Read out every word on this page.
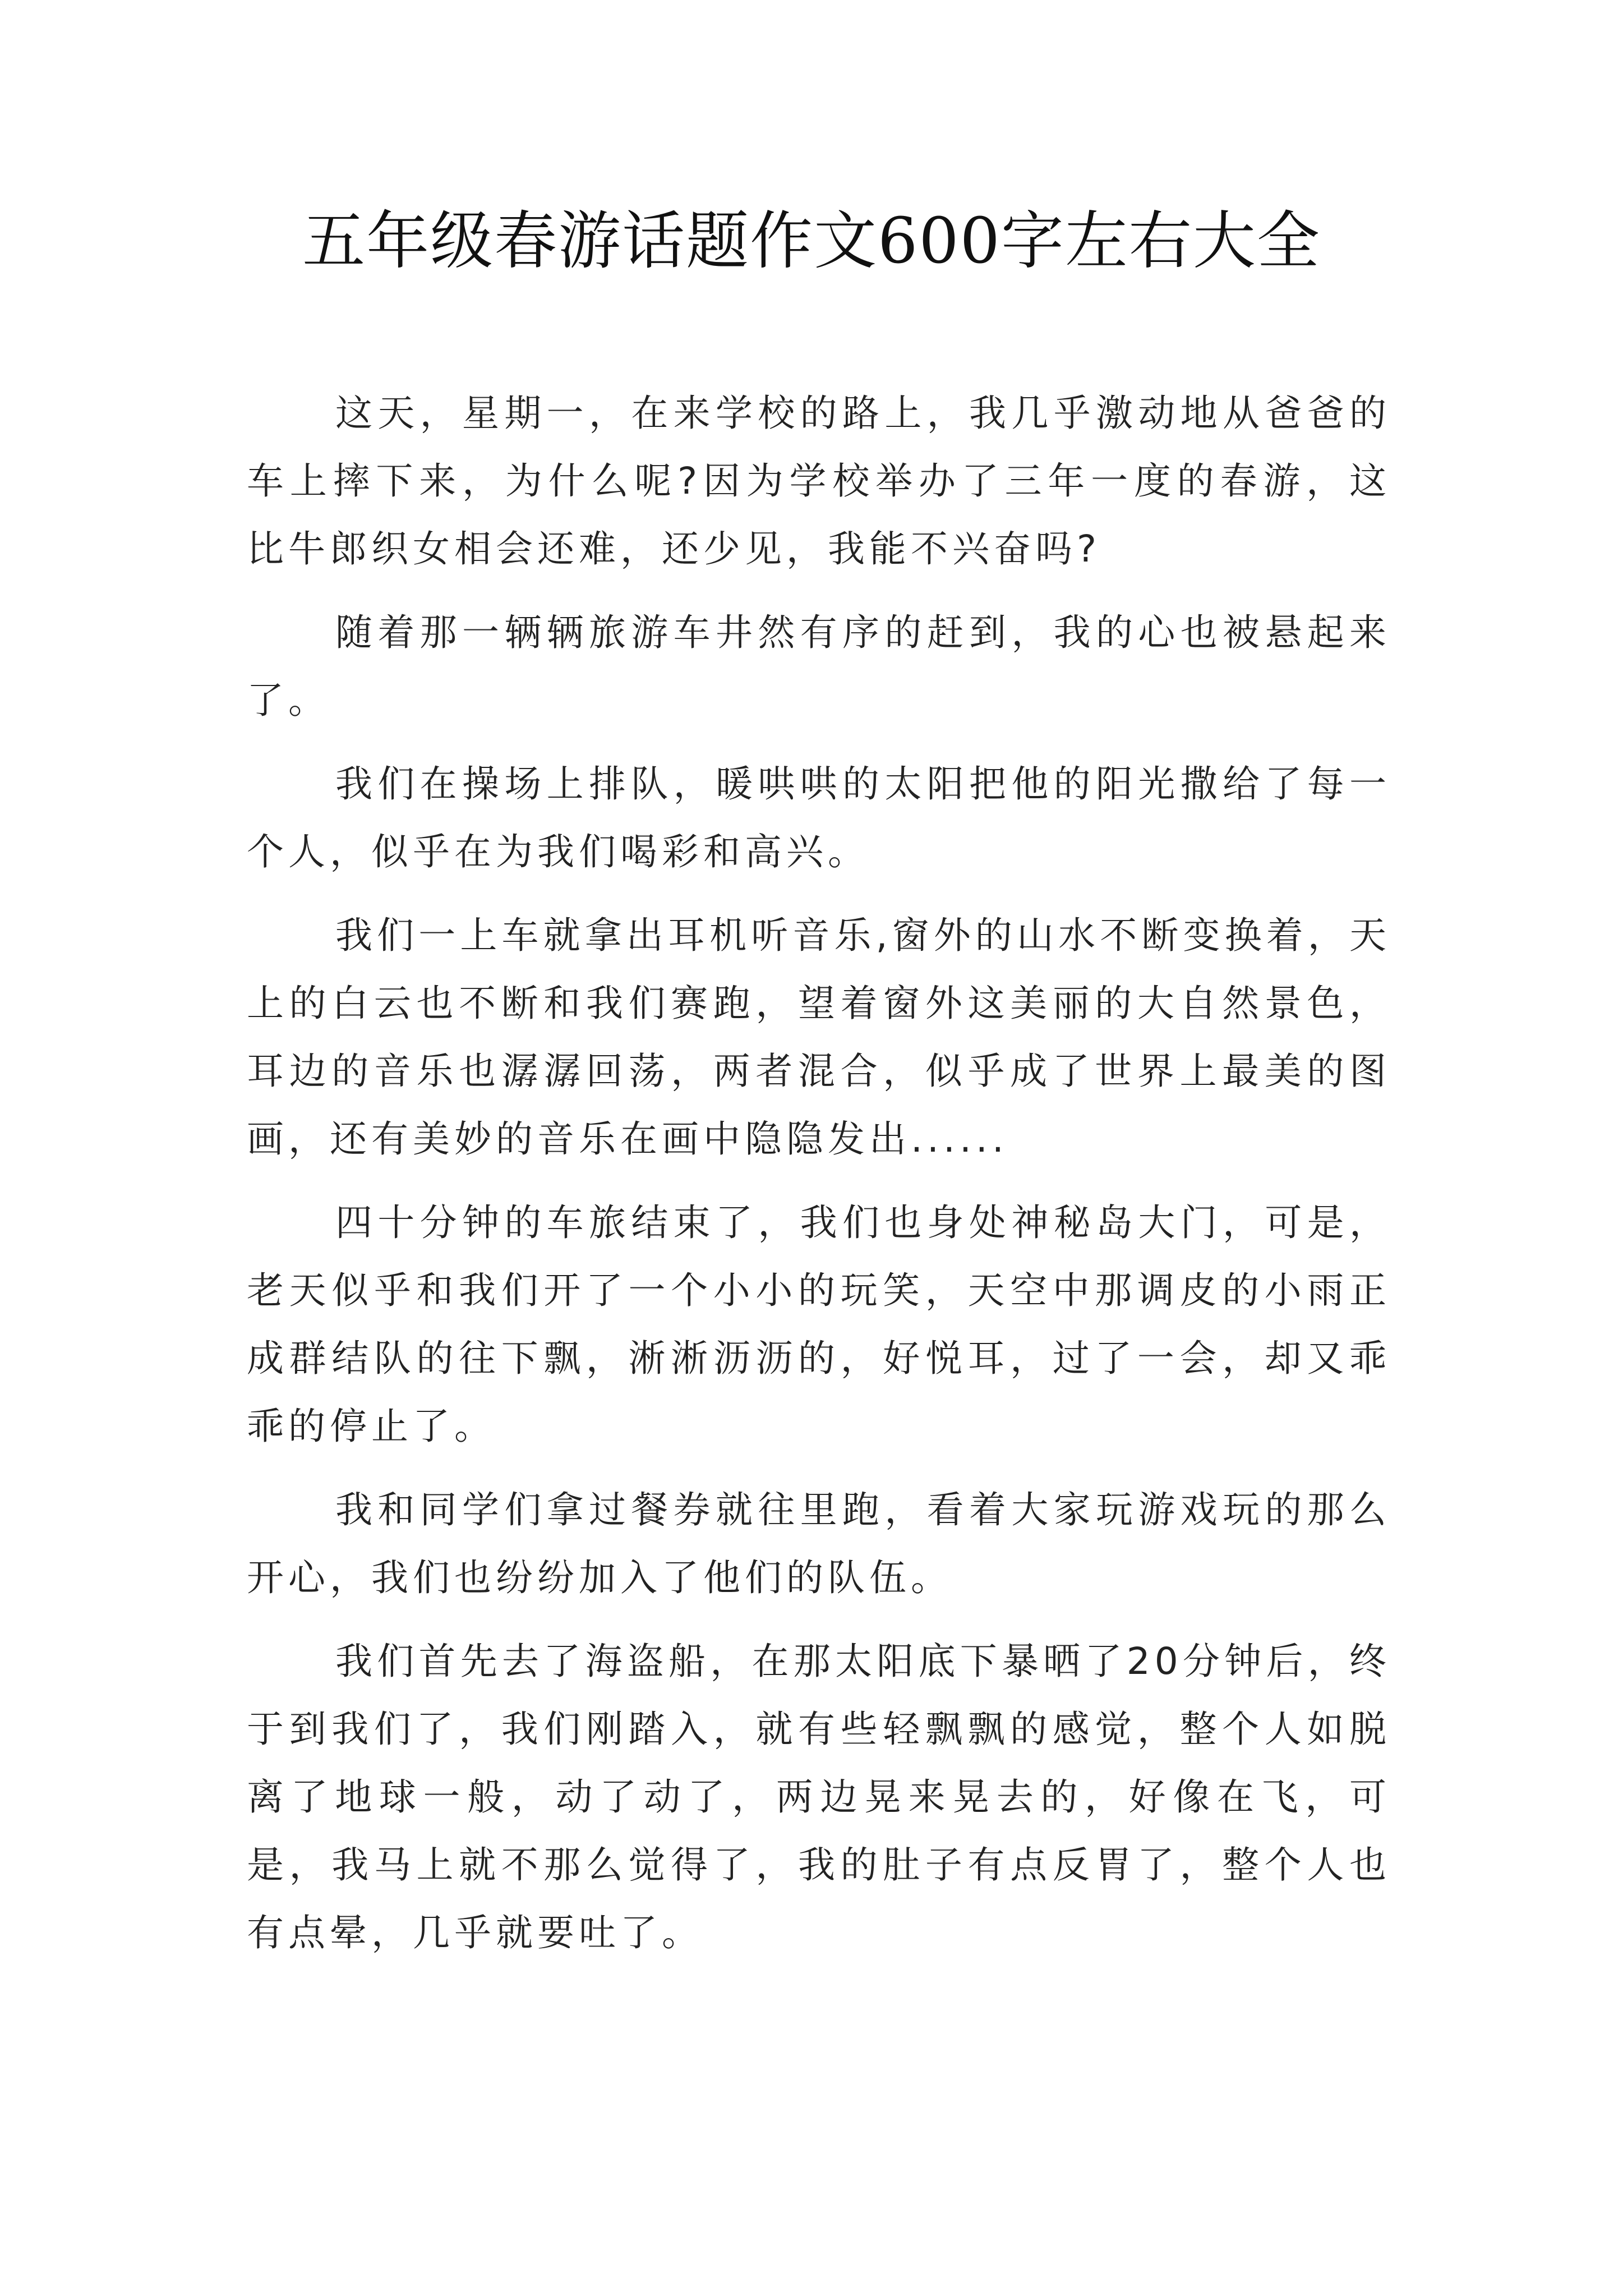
五年级春游话题作文600字左右大全

这天，星期一，在来学校的路上，我几乎激动地从爸爸的车上摔下来，为什么呢?因为学校举办了三年一度的春游，这比牛郎织女相会还难，还少见，我能不兴奋吗?

随着那一辆辆旅游车井然有序的赶到，我的心也被悬起来了。

我们在操场上排队，暖哄哄的太阳把他的阳光撒给了每一个人，似乎在为我们喝彩和高兴。

我们一上车就拿出耳机听音乐,窗外的山水不断变换着，天上的白云也不断和我们赛跑，望着窗外这美丽的大自然景色，耳边的音乐也潺潺回荡，两者混合，似乎成了世界上最美的图画，还有美妙的音乐在画中隐隐发出......

四十分钟的车旅结束了，我们也身处神秘岛大门，可是，老天似乎和我们开了一个小小的玩笑，天空中那调皮的小雨正成群结队的往下飘，淅淅沥沥的，好悦耳，过了一会，却又乖乖的停止了。

我和同学们拿过餐券就往里跑，看着大家玩游戏玩的那么开心，我们也纷纷加入了他们的队伍。

我们首先去了海盗船，在那太阳底下暴晒了20分钟后，终于到我们了，我们刚踏入，就有些轻飘飘的感觉，整个人如脱离了地球一般，动了动了，两边晃来晃去的，好像在飞，可是，我马上就不那么觉得了，我的肚子有点反胃了，整个人也有点晕，几乎就要吐了。
